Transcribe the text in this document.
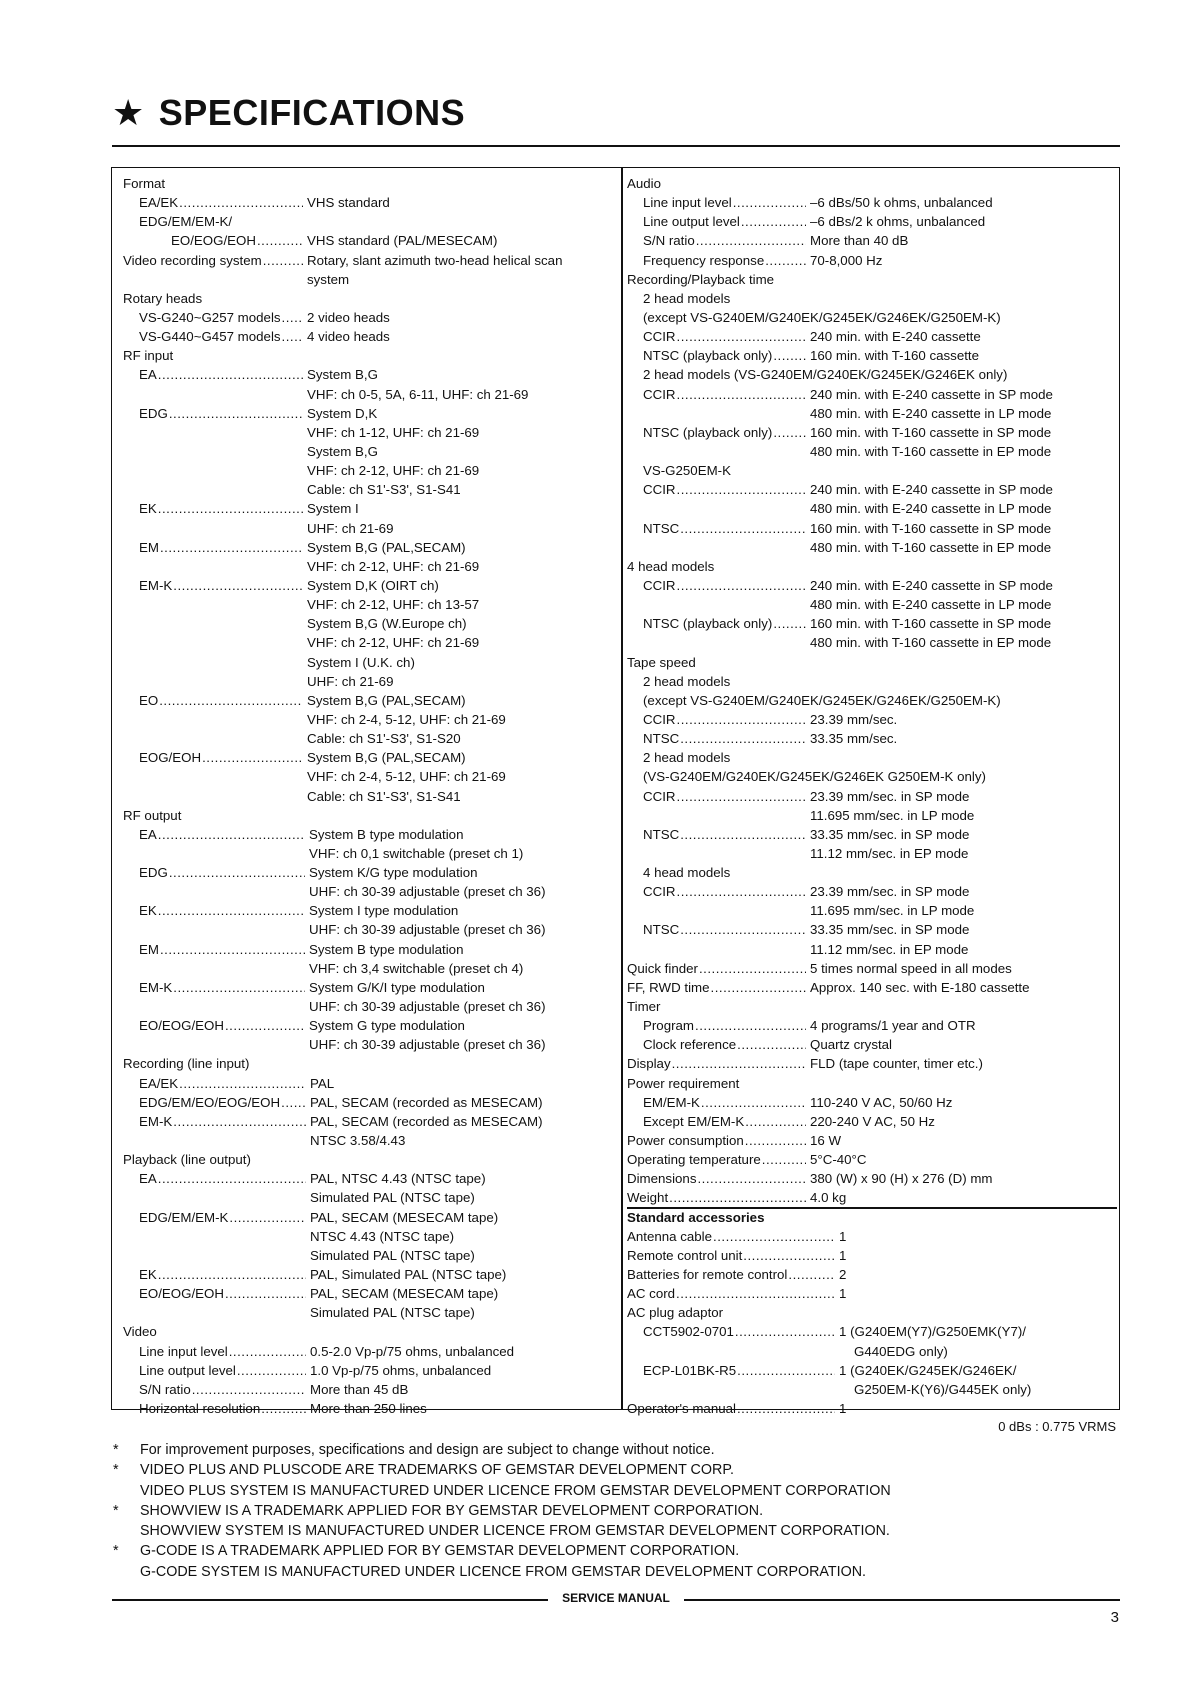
★ SPECIFICATIONS
Format
EA/EK .....	VHS standard
EDG/EM/EM-K/
EO/EOG/EOH .....	VHS standard (PAL/MESECAM)
Video recording system .....	Rotary, slant azimuth two-head helical scan
system
Rotary heads
VS-G240~G257 models ..... 2 video heads
VS-G440~G457 models ..... 4 video heads
RF input
EA .....	System B,G
VHF: ch 0-5, 5A, 6-11, UHF: ch 21-69
EDG .....	System D,K
VHF: ch 1-12, UHF: ch 21-69
System B,G
VHF: ch 2-12, UHF: ch 21-69
Cable: ch S1'-S3', S1-S41
EK .....	System I
UHF: ch 21-69
EM .....	System B,G (PAL,SECAM)
VHF: ch 2-12, UHF: ch 21-69
EM-K .....	System D,K (OIRT ch)
VHF: ch 2-12, UHF: ch 13-57
System B,G (W.Europe ch)
VHF: ch 2-12, UHF: ch 21-69
System I (U.K. ch)
UHF: ch 21-69
EO .....	System B,G (PAL,SECAM)
VHF: ch 2-4, 5-12, UHF: ch 21-69
Cable: ch S1'-S3', S1-S20
EOG/EOH .....	System B,G (PAL,SECAM)
VHF: ch 2-4, 5-12, UHF: ch 21-69
Cable: ch S1'-S3', S1-S41
RF output
EA .....	System B type modulation
VHF: ch 0,1 switchable (preset ch 1)
EDG .....	System K/G type modulation
UHF: ch 30-39 adjustable (preset ch 36)
EK .....	System I type modulation
UHF: ch 30-39 adjustable (preset ch 36)
EM .....	System B type modulation
VHF: ch 3,4 switchable (preset ch 4)
EM-K .....	System G/K/I type modulation
UHF: ch 30-39 adjustable (preset ch 36)
EO/EOG/EOH .....	System G type modulation
UHF: ch 30-39 adjustable (preset ch 36)
Recording (line input)
EA/EK .....	PAL
EDG/EM/EO/EOG/EOH ..... PAL, SECAM (recorded as MESECAM)
EM-K .....	PAL, SECAM (recorded as MESECAM)
NTSC 3.58/4.43
Playback (line output)
EA .....	PAL, NTSC 4.43 (NTSC tape)
Simulated PAL (NTSC tape)
EDG/EM/EM-K .....	PAL, SECAM (MESECAM tape)
NTSC 4.43 (NTSC tape)
Simulated PAL (NTSC tape)
EK .....	PAL, Simulated PAL (NTSC tape)
EO/EOG/EOH .....	PAL, SECAM (MESECAM tape)
Simulated PAL (NTSC tape)
Video
Line input level .....	0.5-2.0 Vp-p/75 ohms, unbalanced
Line output level .....	1.0 Vp-p/75 ohms, unbalanced
S/N ratio .....	More than 45 dB
Horizontal resolution .....	More than 250 lines
Audio
Line input level .....	–6 dBs/50 k ohms, unbalanced
Line output level .....	–6 dBs/2 k ohms, unbalanced
S/N ratio .....	More than 40 dB
Frequency response .....	70-8,000 Hz
Recording/Playback time
2 head models
(except VS-G240EM/G240EK/G245EK/G246EK/G250EM-K)
CCIR .....	240 min. with E-240 cassette
NTSC (playback only) .....	160 min. with T-160 cassette
2 head models (VS-G240EM/G240EK/G245EK/G246EK only)
CCIR .....	240 min. with E-240 cassette in SP mode
480 min. with E-240 cassette in LP mode
NTSC (playback only) .....	160 min. with T-160 cassette in SP mode
480 min. with T-160 cassette in EP mode
VS-G250EM-K
CCIR .....	240 min. with E-240 cassette in SP mode
480 min. with E-240 cassette in LP mode
NTSC .....	160 min. with T-160 cassette in SP mode
480 min. with T-160 cassette in EP mode
4 head models
CCIR .....	240 min. with E-240 cassette in SP mode
480 min. with E-240 cassette in LP mode
NTSC (playback only) .....	160 min. with T-160 cassette in SP mode
480 min. with T-160 cassette in EP mode
Tape speed
2 head models
(except VS-G240EM/G240EK/G245EK/G246EK/G250EM-K)
CCIR .....	23.39 mm/sec.
NTSC .....	33.35 mm/sec.
2 head models
(VS-G240EM/G240EK/G245EK/G246EK G250EM-K only)
CCIR .....	23.39 mm/sec. in SP mode
11.695 mm/sec. in LP mode
NTSC .....	33.35 mm/sec. in SP mode
11.12 mm/sec. in EP mode
4 head models
CCIR .....	23.39 mm/sec. in SP mode
11.695 mm/sec. in LP mode
NTSC .....	33.35 mm/sec. in SP mode
11.12 mm/sec. in EP mode
Quick finder .....	5 times normal speed in all modes
FF, RWD time .....	Approx. 140 sec. with E-180 cassette
Timer
Program .....	4 programs/1 year and OTR
Clock reference .....	Quartz crystal
Display .....	FLD (tape counter, timer etc.)
Power requirement
EM/EM-K .....	110-240 V AC, 50/60 Hz
Except EM/EM-K .....	220-240 V AC, 50 Hz
Power consumption .....	16 W
Operating temperature .....	5°C-40°C
Dimensions .....	380 (W) x 90 (H) x 276 (D) mm
Weight .....	4.0 kg
Standard accessories
Antenna cable .....	1
Remote control unit .....	1
Batteries for remote control .....	2
AC cord .....	1
AC plug adaptor
CCT5902-0701 .....	1 (G240EM(Y7)/G250EMK(Y7)/
G440EDG only)
ECP-L01BK-R5 .....	1 (G240EK/G245EK/G246EK/
G250EM-K(Y6)/G445EK only)
Operator's manual .....	1
0 dBs : 0.775 VRMS
*	For improvement purposes, specifications and design are subject to change without notice.
*	VIDEO PLUS AND PLUSCODE ARE TRADEMARKS OF GEMSTAR DEVELOPMENT CORP.
VIDEO PLUS SYSTEM IS MANUFACTURED UNDER LICENCE FROM GEMSTAR DEVELOPMENT CORPORATION
*	SHOWVIEW IS A TRADEMARK APPLIED FOR BY GEMSTAR DEVELOPMENT CORPORATION.
SHOWVIEW SYSTEM IS MANUFACTURED UNDER LICENCE FROM GEMSTAR DEVELOPMENT CORPORATION.
*	G-CODE IS A TRADEMARK APPLIED FOR BY GEMSTAR DEVELOPMENT CORPORATION.
G-CODE SYSTEM IS MANUFACTURED UNDER LICENCE FROM GEMSTAR DEVELOPMENT CORPORATION.
SERVICE MANUAL
3
